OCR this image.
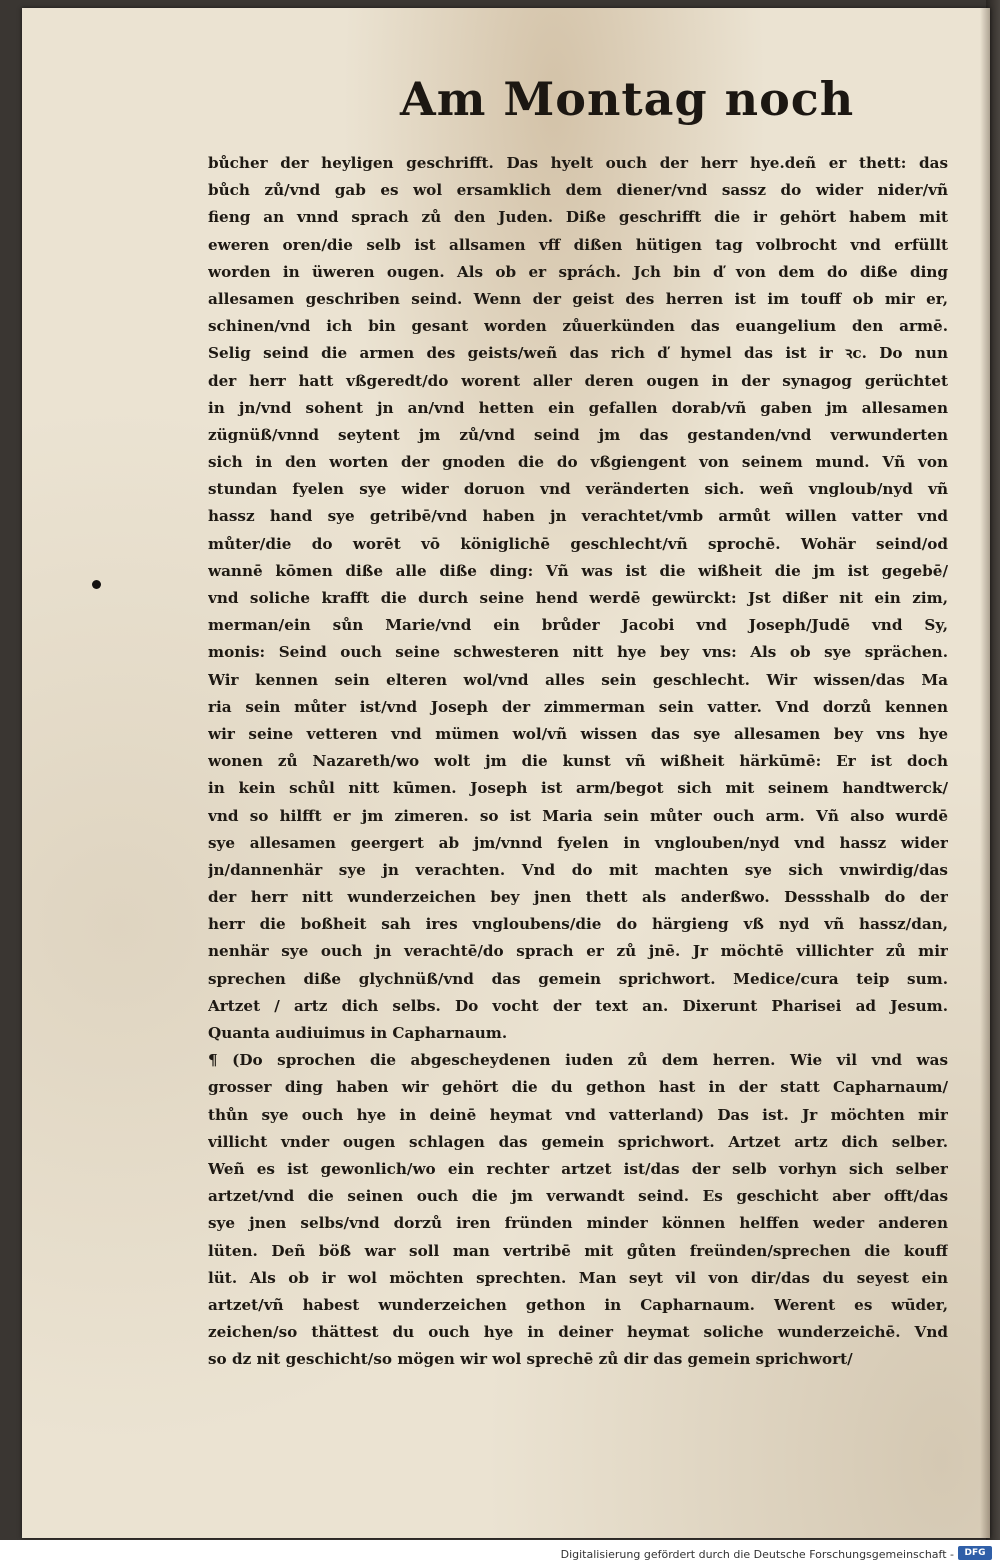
Am Montag noch
bůcher der heyligen geschrifft. Das hyelt ouch der herr hye.deñ er thett: das
bůch zů/vnd gab es wol ersamklich dem diener/vnd sassz do wider nider/vñ
fieng an vnnd sprach zů den Juden. Diße geschrifft die ir gehört habem mit
eweren oren/die selb ist allsamen vff dißen hütigen tag volbrocht vnd erfüllt
worden in üweren ougen. Als ob er sprách. Jch bin ď von dem do diße ding
allesamen geschriben seind. Wenn der geist des herren ist im touff ob mir er,
schinen/vnd ich bin gesant worden zůuerkünden das euangelium den armē.
Selig seind die armen des geists/weñ das rich ď hymel das ist ir ꝛc. Do nun
der herr hatt vßgeredt/do worent aller deren ougen in der synagog gerüchtet
in jn/vnd sohent jn an/vnd hetten ein gefallen dorab/vñ gaben jm allesamen
zügnüß/vnnd seytent jm zů/vnd seind jm das gestanden/vnd verwunderten
sich in den worten der gnoden die do vßgiengent von seinem mund. Vñ von
stundan fyelen sye wider doruon vnd veränderten sich. weñ vngloub/nyd vñ
hassz hand sye getribē/vnd haben jn verachtet/vmb armůt willen vatter vnd
můter/die do worēt vō königlichē geschlecht/vñ sprochē. Wohär seind/oď
wannē kōmen diße alle diße ding: Vñ was ist die wißheit die jm ist gegebē/
vnd soliche krafft die durch seine hend werdē gewürckt: Jst dißer nit ein zim,
merman/ein sůn Marie/vnd ein brůder Jacobi vnd Joseph/Judē vnd Sy,
monis: Seind ouch seine schwesteren nitt hye bey vns: Als ob sye sprächen.
Wir kennen sein elteren wol/vnd alles sein geschlecht. Wir wissen/das Ma
ria sein můter ist/vnd Joseph der zimmerman sein vatter. Vnd dorzů kennen
wir seine vetteren vnd mümen wol/vñ wissen das sye allesamen bey vns hye
wonen zů Nazareth/wo wolt jm die kunst vñ wißheit härkūmē: Er ist doch
in kein schůl nitt kūmen. Joseph ist arm/begot sich mit seinem handtwerck/
vnd so hilfft er jm zimeren. so ist Maria sein můter ouch arm. Vñ also wurdē
sye allesamen geergert ab jm/vnnd fyelen in vnglouben/nyd vnd hassz wider
jn/dannenhär sye jn verachten. Vnd do mit machten sye sich vnwirdig/das
der herr nitt wunderzeichen bey jnen thett als anderßwo. Dessshalb do der
herr die boßheit sah ires vngloubens/die do härgieng vß nyd vñ hassz/dan,
nenhär sye ouch jn verachtē/do sprach er zů jnē. Jr möchtē villichter zů mir
sprechen diße glychnüß/vnd das gemein sprichwort. Medice/cura teip sum.
Artzet / artz dich selbs. Do vocht der text an. Dixerunt Pharisei ad Jesum.
Quanta audiuimus in Capharnaum.
¶ (Do sprochen die abgescheydenen iuden zů dem herren. Wie vil vnd was
grosser ding haben wir gehört die du gethon hast in der statt Capharnaum/
thůn sye ouch hye in deinē heymat vnd vatterland) Das ist. Jr möchten mir
villicht vnder ougen schlagen das gemein sprichwort. Artzet artz dich selber.
Weñ es ist gewonlich/wo ein rechter artzet ist/das der selb vorhyn sich selber
artzet/vnd die seinen ouch die jm verwandt seind. Es geschicht aber offt/das
sye jnen selbs/vnd dorzů iren fründen minder können helffen weder anderen
lüten. Deñ böß war soll man vertribē mit gůten freünden/sprechen die kouff
lüt. Als ob ir wol möchten sprechten. Man seyt vil von dir/das du seyest ein
artzet/vñ habest wunderzeichen gethon in Capharnaum. Werent es wūder,
zeichen/so thättest du ouch hye in deiner heymat soliche wunderzeichē. Vnd
so dz nit geschicht/so mögen wir wol sprechē zů dir das gemein sprichwort/
Digitalisierung gefördert durch die Deutsche Forschungsgemeinschaft -	DFG
